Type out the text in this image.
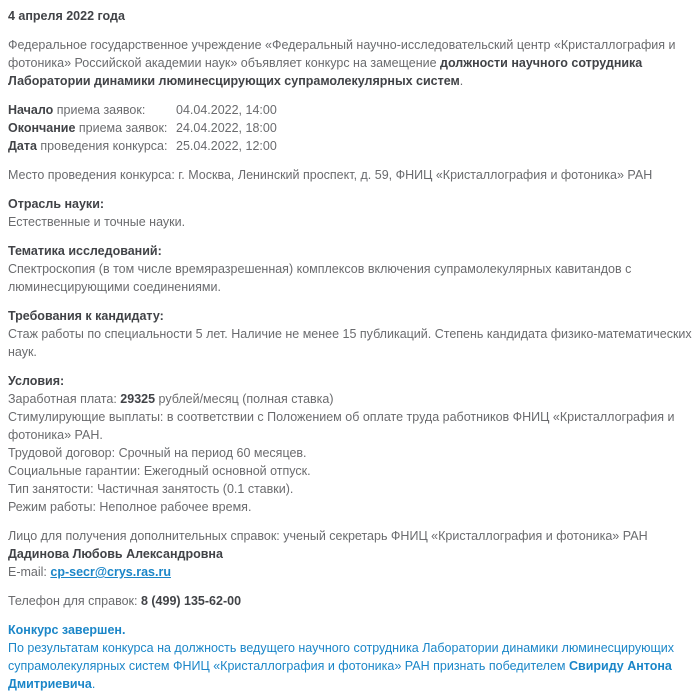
4 апреля 2022 года

Федеральное государственное учреждение «Федеральный научно-исследовательский центр «Кристаллография и фотоника» Российской академии наук» объявляет конкурс на замещение должности научного сотрудника Лаборатории динамики люминесцирующих супрамолекулярных систем.

Начало приема заявок:	04.04.2022, 14:00
Окончание приема заявок:	24.04.2022, 18:00
Дата проведения конкурса:	25.04.2022, 12:00

Место проведения конкурса: г. Москва, Ленинский проспект, д. 59, ФНИЦ «Кристаллография и фотоника» РАН

Отрасль науки:
Естественные и точные науки.

Тематика исследований:
Спектроскопия (в том числе времяразрешенная) комплексов включения супрамолекулярных кавитандов с люминесцирующими соединениями.

Требования к кандидату:
Стаж работы по специальности 5 лет. Наличие не менее 15 публикаций. Степень кандидата физико-математических наук.

Условия:
Заработная плата: 29325 рублей/месяц (полная ставка)
Стимулирующие выплаты: в соответствии с Положением об оплате труда работников ФНИЦ «Кристаллография и фотоника» РАН.
Трудовой договор: Срочный на период 60 месяцев.
Социальные гарантии: Ежегодный основной отпуск.
Тип занятости: Частичная занятость (0.1 ставки).
Режим работы: Неполное рабочее время.

Лицо для получения дополнительных справок: ученый секретарь ФНИЦ «Кристаллография и фотоника» РАН Дадинова Любовь Александровна
E-mail: cp-secr@crys.ras.ru

Телефон для справок: 8 (499) 135-62-00

Конкурс завершен.
По результатам конкурса на должность ведущего научного сотрудника Лаборатории динамики люминесцирующих супрамолекулярных систем ФНИЦ «Кристаллография и фотоника» РАН признать победителем Свириду Антона Дмитриевича.
